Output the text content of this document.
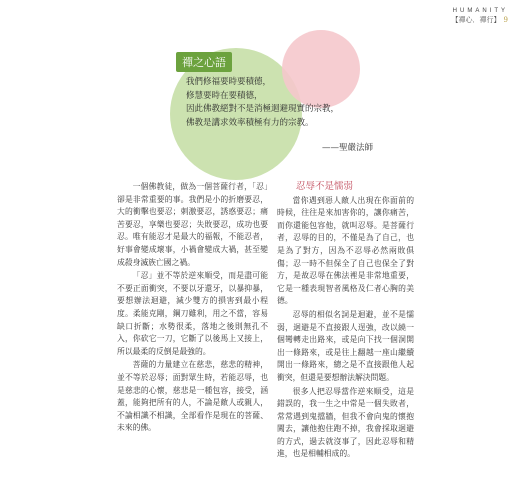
HUMANITY
【禪心．禪行】 9
禪之心語
我們修福要時要積德，
修慧要時在要積德，
因此佛教絕對不是消極迴避現實的宗教，
佛教是講求效率積極有力的宗教。
——聖嚴法師

一個佛教徒，做為一個菩薩行者，「忍」卻是非常重要的事。我們是小的折磨要忍，大的衝擊也要忍；刺激要忍，誘惑要忍；痛苦要忍，享樂也要忍；失敗要忍，成功也要忍。唯有能忍才是最大的福報，不能忍者，好事會變成壞事，小禍會變成大禍，甚至變成殺身滅族亡國之禍。

「忍」並不等於逆來順受，而是盡可能不要正面衝突，不要以牙還牙，以暴抑暴，要想辦法迴避，減少雙方的損害到最小程度。柔能克剛，鋼刀雖利，用之不當，容易缺口折斷；水勢很柔，落地之後則無孔不入，你砍它一刀，它斷了以後馬上又接上，所以最柔的反倒是最強的。

菩薩的力量建立在慈悲，慈悲的精神，並不等於忍辱；面對眾生時，若能忍辱，也是慈悲的心懷，慈悲是一種包容，接受，涵蓋，能夠把所有的人，不論是敵人或親人，不論相識不相識，全部看作是現在的菩薩、未來的佛。

忍辱不是懦弱

當你遇到惡人敵人出現在你面前的時候，往往是來加害你的，讓你痛苦，而你還能包容他，就叫忍辱。是菩薩行者，忍辱的目的，不僅是為了自己，也是為了對方，因為不忍辱必然兩敗俱傷；忍一時不但保全了自己也保全了對方，是故忍辱在佛法裡是非常地重要，它是一種表現智者風格及仁者心胸的美德。

忍辱的相似名詞是迴避，並不是懦弱，迴避是不直接跟人逞強，改以繞一個彎轉走出路來，或是向下找一個洞開出一條路來，或是往上翻越一座山繼續開出一條路來，總之是不直接跟他人起衝突，但還是要想辦法解決問題。

很多人把忍辱當作逆來順受，這是錯誤的，我一生之中常是一個失敗者，常常遇到鬼擋牆，但我不會向鬼的懷抱闖去，讓他抱住跑不掉，我會採取迴避的方式，過去就沒事了，因此忍辱和精進，也是相輔相成的。
